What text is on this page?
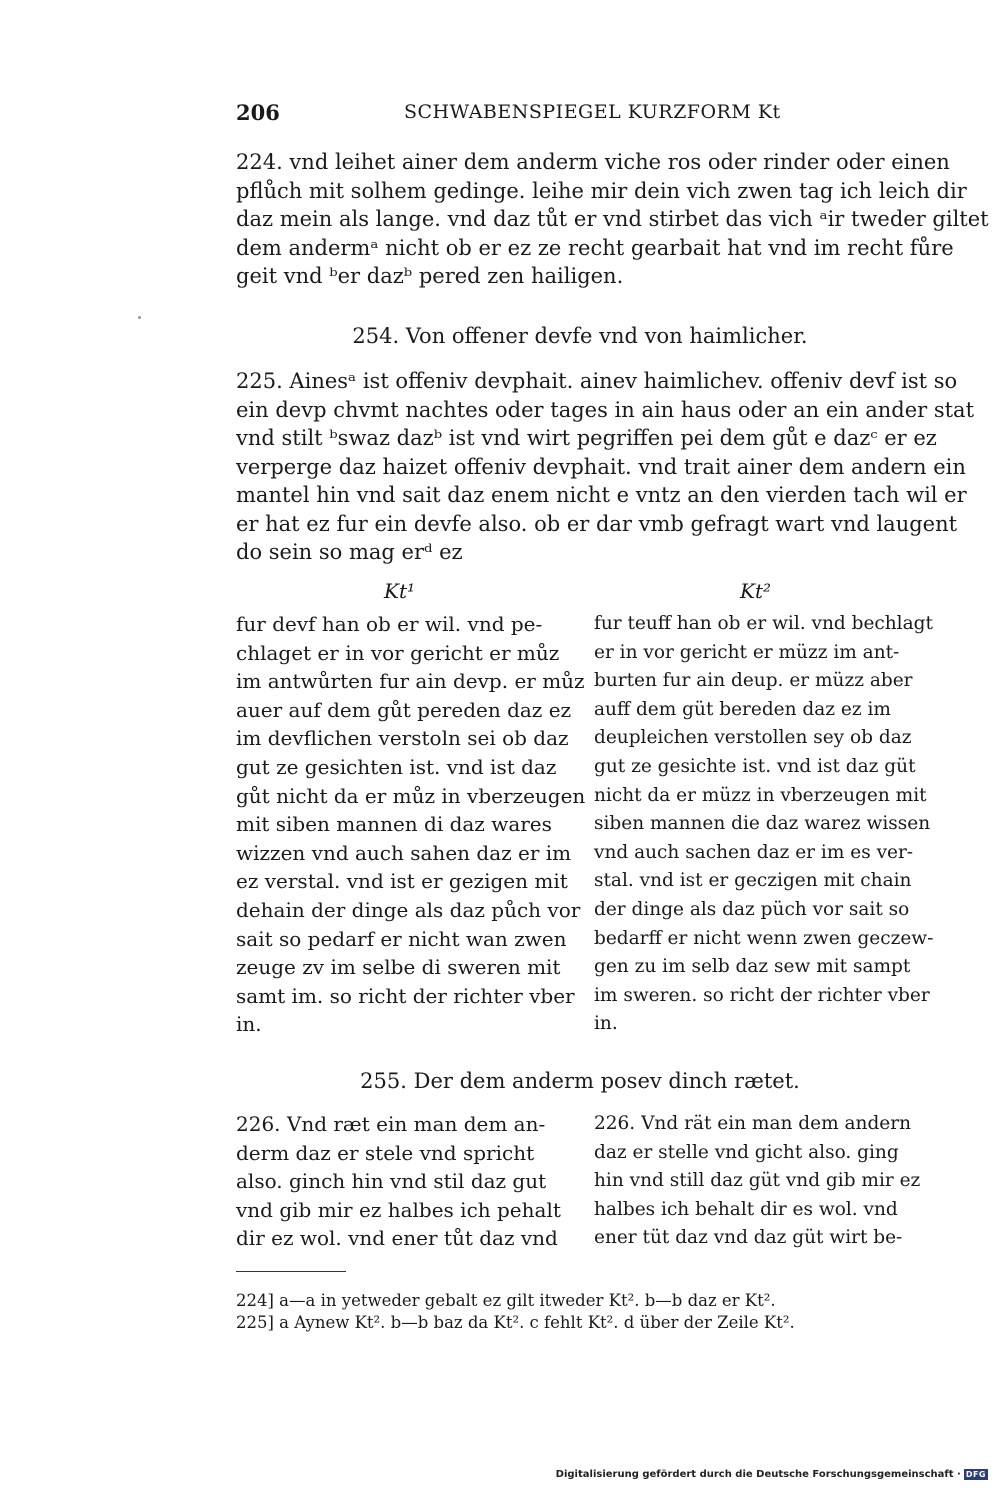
206	SCHWABENSPIEGEL KURZFORM Kt
224. vnd leihet ainer dem anderm viche ros oder rinder oder einen
pflůch mit solhem gedinge. leihe mir dein vich zwen tag ich leich dir
daz mein als lange. vnd daz tůt er vnd stirbet das vich ᵃir tweder giltet
dem andermᵃ nicht ob er ez ze recht gearbait hat vnd im recht fůre
geit vnd ᵇer dazᵇ pered zen hailigen.
254. Von offener devfe vnd von haimlicher.
225. Ainesᵃ ist offeniv devphait. ainev haimlichev. offeniv devf ist so
ein devp chvmt nachtes oder tages in ain haus oder an ein ander stat
vnd stilt ᵇswaz dazᵇ ist vnd wirt pegriffen pei dem gůt e dazᶜ er ez
verperge daz haizet offeniv devphait. vnd trait ainer dem andern ein
mantel hin vnd sait daz enem nicht e vntz an den vierden tach wil er
er hat ez fur ein devfe also. ob er dar vmb gefragt wart vnd laugent
do sein so mag erᵈ ez
Kt¹	Kt²
fur devf han ob er wil. vnd pe-
chlaget er in vor gericht er můz
im antwůrten fur ain devp. er můz
auer auf dem gůt pereden daz ez
im devflichen verstoln sei ob daz
gut ze gesichten ist. vnd ist daz
gůt nicht da er můz in vberzeugen
mit siben mannen di daz wares
wizzen vnd auch sahen daz er im
ez verstal. vnd ist er gezigen mit
dehain der dinge als daz půch vor
sait so pedarf er nicht wan zwen
zeuge zv im selbe di sweren mit
samt im. so richt der richter vber
in.
fur teuff han ob er wil. vnd bechlagt
er in vor gericht er müzz im ant-
burten fur ain deup. er müzz aber
auff dem güt bereden daz ez im
deupleichen verstollen sey ob daz
gut ze gesichte ist. vnd ist daz güt
nicht da er müzz in vberzeugen mit
siben mannen die daz warez wissen
vnd auch sachen daz er im es ver-
stal. vnd ist er geczigen mit chain
der dinge als daz püch vor sait so
bedarff er nicht wenn zwen geczew-
gen zu im selb daz sew mit sampt
im sweren. so richt der richter vber
in.
255. Der dem anderm posev dinch rætet.
226. Vnd ræt ein man dem an-
derm daz er stele vnd spricht
also. ginch hin vnd stil daz gut
vnd gib mir ez halbes ich pehalt
dir ez wol. vnd ener tůt daz vnd
226. Vnd rät ein man dem andern
daz er stelle vnd gicht also. ging
hin vnd still daz güt vnd gib mir ez
halbes ich behalt dir es wol. vnd
ener tüt daz vnd daz güt wirt be-
224] a—a in yetweder gebalt ez gilt itweder Kt². b—b daz er Kt².
225] a Aynew Kt². b—b baz da Kt². c fehlt Kt². d über der Zeile Kt².
Digitalisierung gefördert durch die Deutsche Forschungsgemeinschaft · DFG
